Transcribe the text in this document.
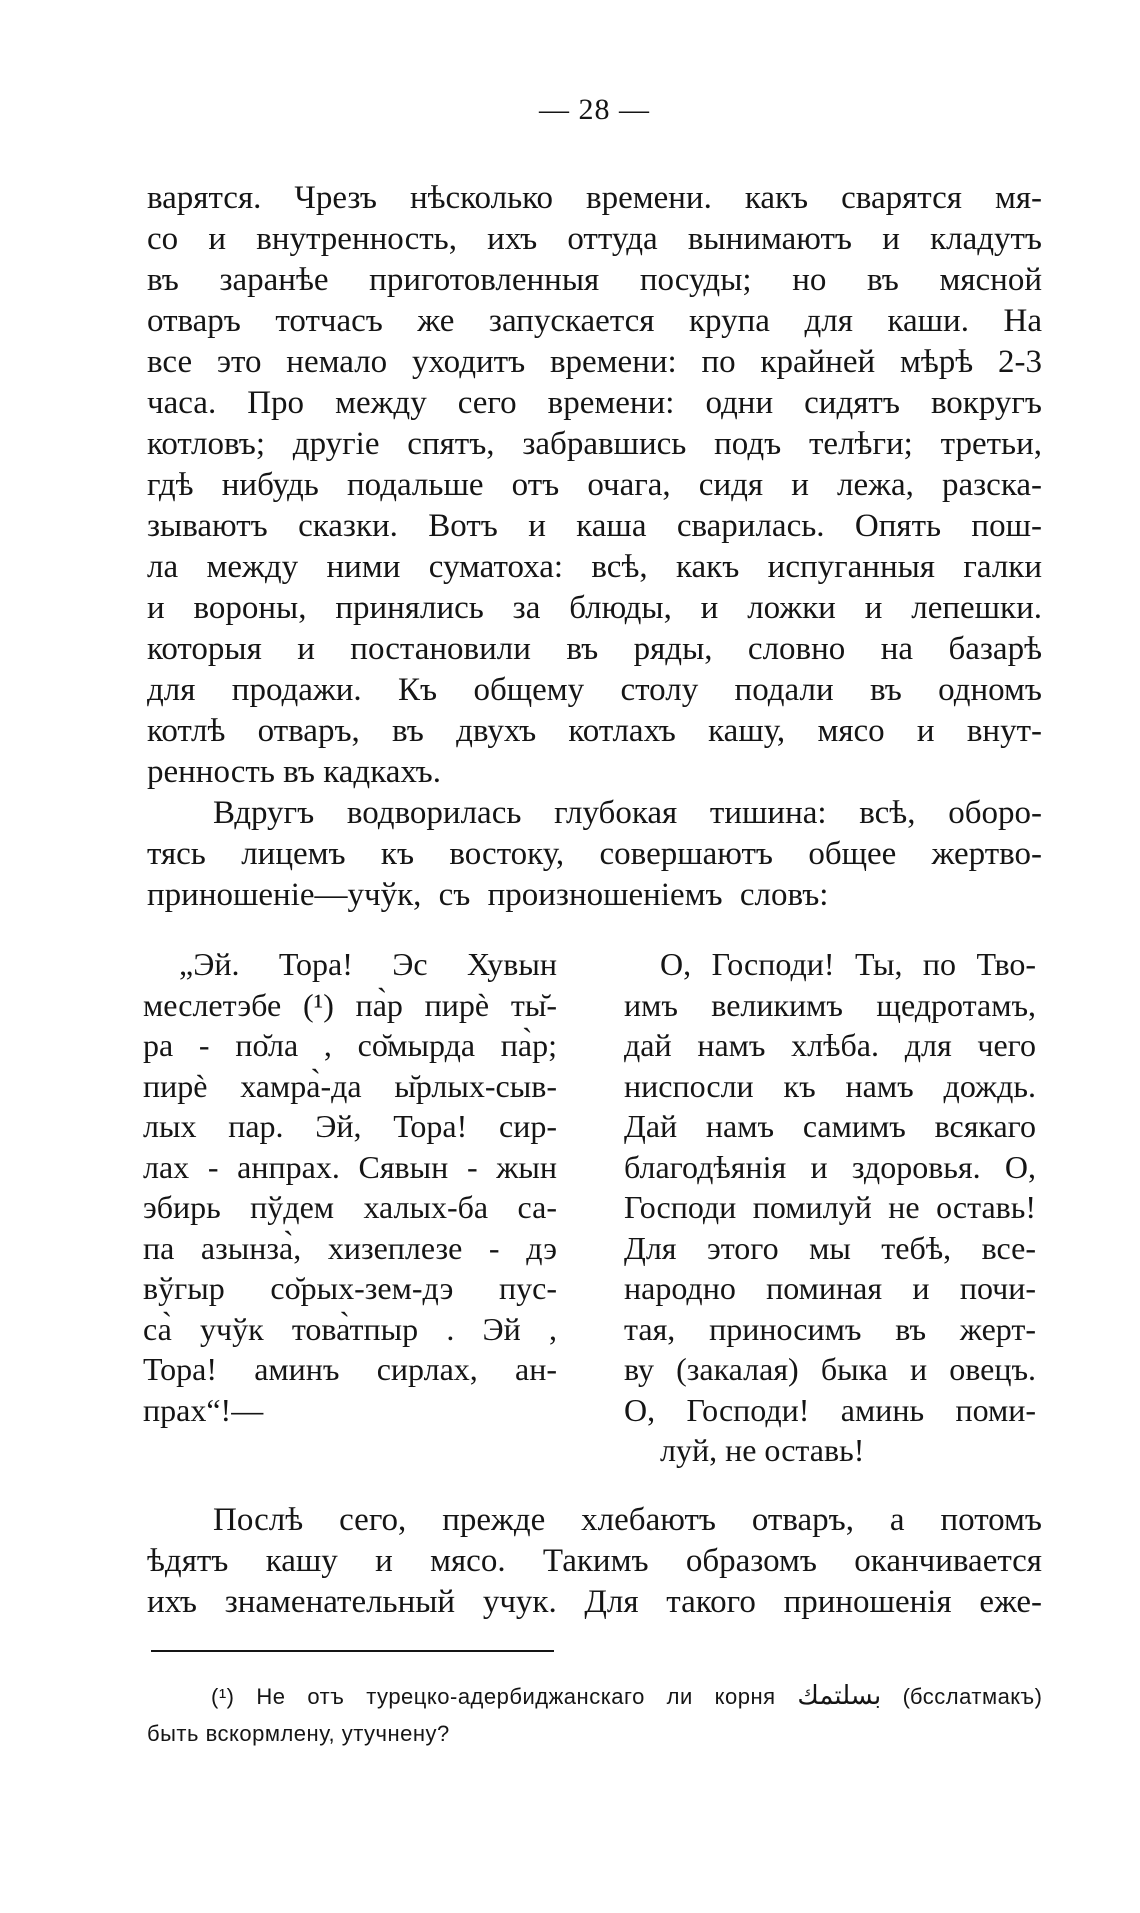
— 28 —
варятся. Чрезъ нѣсколько времени. какъ сварятся мя-
со и внутренность, ихъ оттуда вынимаютъ и кладутъ
въ заранѣе приготовленныя посуды; но въ мясной
отваръ тотчасъ же запускается крупа для каши. На
все это немало уходитъ времени: по крайней мѣрѣ 2-3
часа. Про между сего времени: одни сидятъ вокругъ
котловъ; другіе спятъ, забравшись подъ телѣги; третьи,
гдѣ нибудь подальше отъ очага, сидя и лежа, разска-
зываютъ сказки. Вотъ и каша сварилась. Опять пош-
ла между ними суматоха: всѣ, какъ испуганныя галки
и вороны, принялись за блюды, и ложки и лепешки.
которыя и постановили въ ряды, словно на базарѣ
для продажи. Къ общему столу подали въ одномъ
котлѣ отваръ, въ двухъ котлахъ кашу, мясо и внут-
ренность въ кадкахъ.
Вдругъ водворилась глубокая тишина: всѣ, оборо-
тясь лицемъ къ востоку, совершаютъ общее жертво-
приношеніе—учўк, съ произношеніемъ словъ:
„Эй. Тора! Эс Хувын
меслетэбе (¹) па̀р пирѐ ты̆-
ра - по̆ла , со̆мырда па̀р;
пирѐ хамра̀-да ы̆рлых-сыв-
лых пар. Эй, Тора! сир-
лах - анпрах. Сявын - жын
эбирь пўдем халых-ба са-
па азынза̀, хизеплезе - дэ
вўгыр со̆рых-зем-дэ пус-
са̀ учўк това̀тпыр . Эй ,
Тора! аминъ сирлах, ан-
прах“!—
О, Господи! Ты, по Тво-
имъ великимъ щедротамъ,
дай намъ хлѣба. для чего
ниспосли къ намъ дождь.
Дай намъ самимъ всякаго
благодѣянія и здоровья. О,
Господи помилуй не оставь!
Для этого мы тебѣ, все-
народно поминая и почи-
тая, приносимъ въ жерт-
ву (закалая) быка и овецъ.
О, Господи! аминь поми-
луй, не оставь!
Послѣ сего, прежде хлебаютъ отваръ, а потомъ
ѣдятъ кашу и мясо. Такимъ образомъ оканчивается
ихъ знаменательный учук. Для такого приношенія еже-
(¹) Не отъ турецко-адербиджанскаго ли корня بسلتمك (бсслатмакъ)
быть вскормлену, утучнену?
